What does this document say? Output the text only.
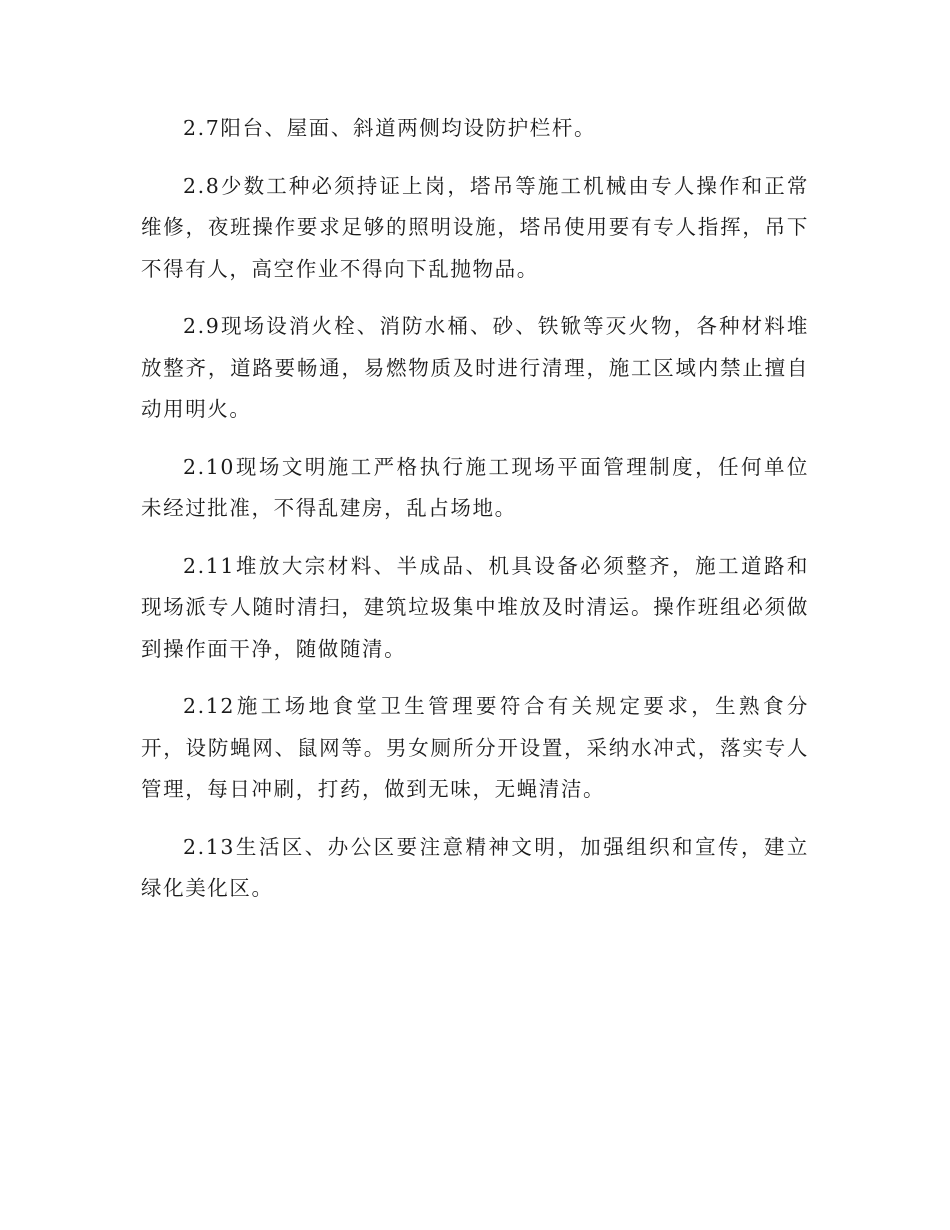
2.7阳台、屋面、斜道两侧均设防护栏杆。

2.8少数工种必须持证上岗，塔吊等施工机械由专人操作和正常维修，夜班操作要求足够的照明设施，塔吊使用要有专人指挥，吊下不得有人，高空作业不得向下乱抛物品。

2.9现场设消火栓、消防水桶、砂、铁锨等灭火物，各种材料堆放整齐，道路要畅通，易燃物质及时进行清理，施工区域内禁止擅自动用明火。

2.10现场文明施工严格执行施工现场平面管理制度，任何单位未经过批准，不得乱建房，乱占场地。

2.11堆放大宗材料、半成品、机具设备必须整齐，施工道路和现场派专人随时清扫，建筑垃圾集中堆放及时清运。操作班组必须做到操作面干净，随做随清。

2.12施工场地食堂卫生管理要符合有关规定要求，生熟食分开，设防蝇网、鼠网等。男女厕所分开设置，采纳水冲式，落实专人管理，每日冲刷，打药，做到无味，无蝇清洁。

2.13生活区、办公区要注意精神文明，加强组织和宣传，建立绿化美化区。
